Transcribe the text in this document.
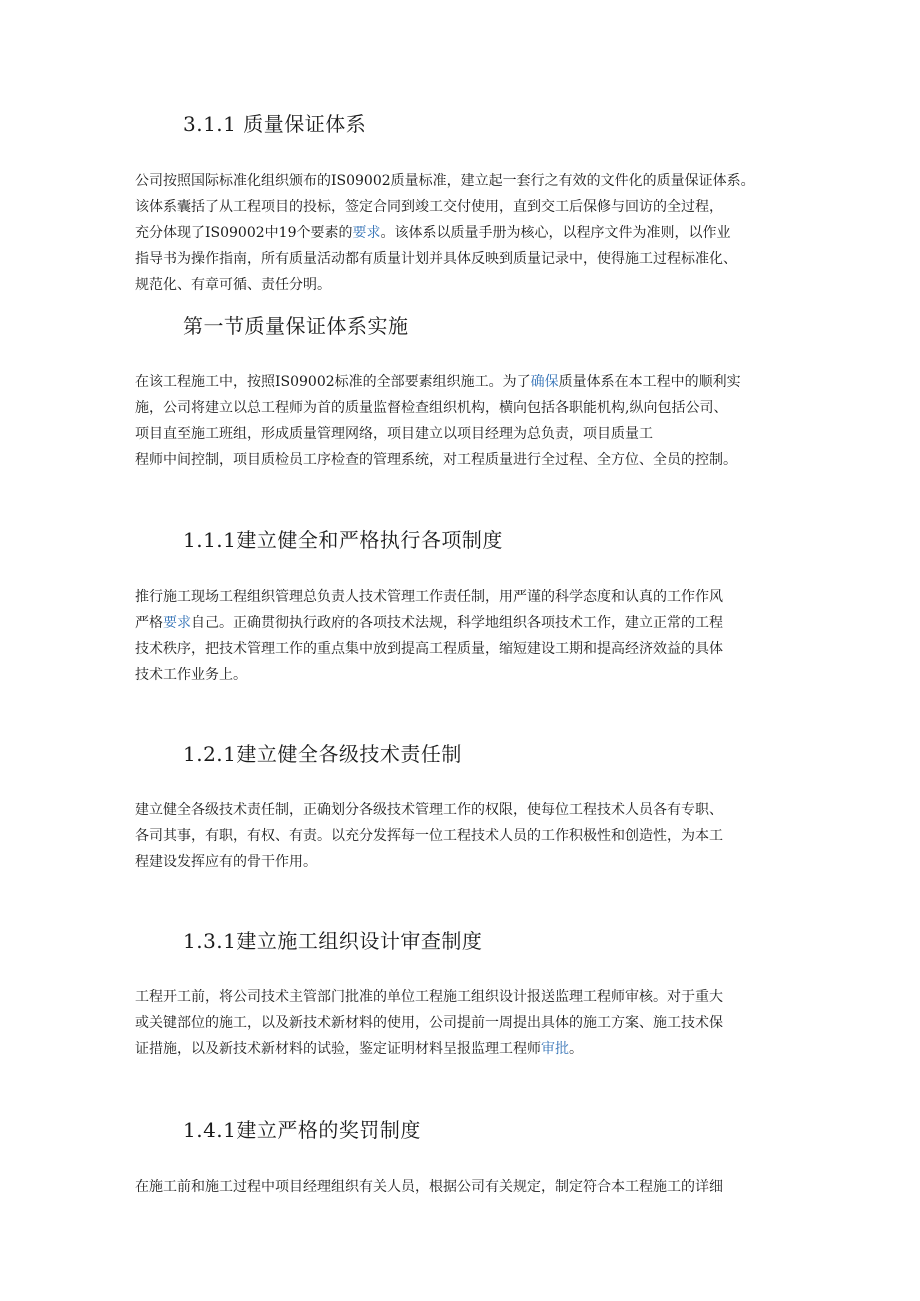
3.1.1 质量保证体系
公司按照国际标准化组织颁布的IS09002质量标准，建立起一套行之有效的文件化的质量保证体系。
该体系囊括了从工程项目的投标，签定合同到竣工交付使用，直到交工后保修与回访的全过程，
充分体现了IS09002中19个要素的要求。该体系以质量手册为核心，以程序文件为准则，以作业
指导书为操作指南，所有质量活动都有质量计划并具体反映到质量记录中，使得施工过程标准化、
规范化、有章可循、责任分明。
第一节质量保证体系实施
在该工程施工中，按照IS09002标准的全部要素组织施工。为了确保质量体系在本工程中的顺利实
施，公司将建立以总工程师为首的质量监督检查组织机构，横向包括各职能机构,纵向包括公司、
项目直至施工班组，形成质量管理网络，项目建立以项目经理为总负责，项目质量工
程师中间控制，项目质检员工序检查的管理系统，对工程质量进行全过程、全方位、全员的控制。
1.1.1建立健全和严格执行各项制度
推行施工现场工程组织管理总负责人技术管理工作责任制，用严谨的科学态度和认真的工作作风
严格要求自己。正确贯彻执行政府的各项技术法规，科学地组织各项技术工作，建立正常的工程
技术秩序，把技术管理工作的重点集中放到提高工程质量，缩短建设工期和提高经济效益的具体
技术工作业务上。
1.2.1建立健全各级技术责任制
建立健全各级技术责任制，正确划分各级技术管理工作的权限，使每位工程技术人员各有专职、
各司其事，有职，有权、有责。以充分发挥每一位工程技术人员的工作积极性和创造性，为本工
程建设发挥应有的骨干作用。
1.3.1建立施工组织设计审查制度
工程开工前，将公司技术主管部门批准的单位工程施工组织设计报送监理工程师审核。对于重大
或关键部位的施工，以及新技术新材料的使用，公司提前一周提出具体的施工方案、施工技术保
证措施，以及新技术新材料的试验，鉴定证明材料呈报监理工程师审批。
1.4.1建立严格的奖罚制度
在施工前和施工过程中项目经理组织有关人员，根据公司有关规定，制定符合本工程施工的详细
